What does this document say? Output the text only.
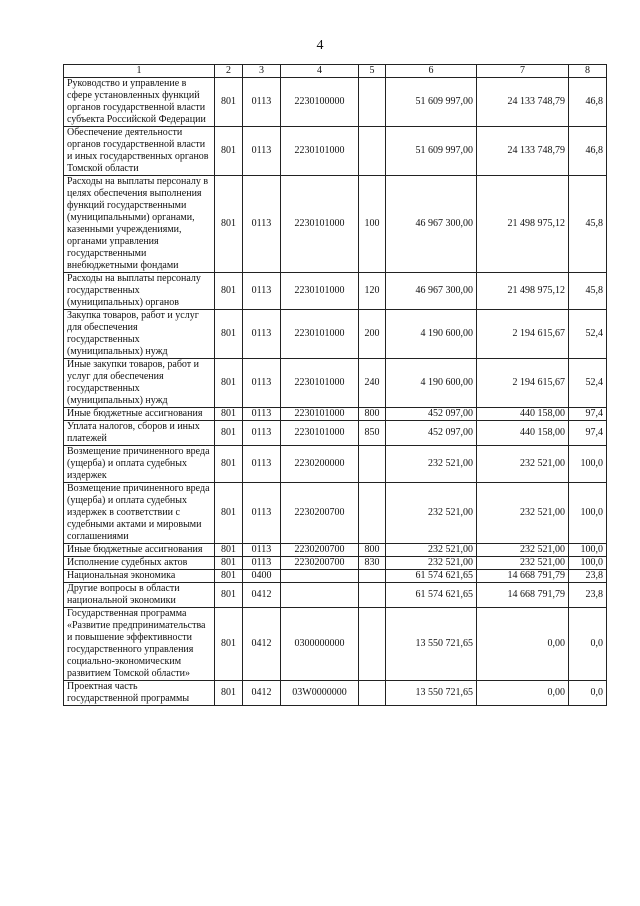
4
1	2	3	4	5	6	7	8
Руководство и управление в сфере установленных функций органов государственной власти субъекта Российской Федерации	801	0113	2230100000		51 609 997,00	24 133 748,79	46,8
Обеспечение деятельности органов государственной власти и иных государственных органов Томской области	801	0113	2230101000		51 609 997,00	24 133 748,79	46,8
Расходы на выплаты персоналу в целях обеспечения выполнения функций государственными (муниципальными) органами, казенными учреждениями, органами управления государственными внебюджетными фондами	801	0113	2230101000	100	46 967 300,00	21 498 975,12	45,8
Расходы на выплаты персоналу государственных (муниципальных) органов	801	0113	2230101000	120	46 967 300,00	21 498 975,12	45,8
Закупка товаров, работ и услуг для обеспечения государственных (муниципальных) нужд	801	0113	2230101000	200	4 190 600,00	2 194 615,67	52,4
Иные закупки товаров, работ и услуг для обеспечения государственных (муниципальных) нужд	801	0113	2230101000	240	4 190 600,00	2 194 615,67	52,4
Иные бюджетные ассигнования	801	0113	2230101000	800	452 097,00	440 158,00	97,4
Уплата налогов, сборов и иных платежей	801	0113	2230101000	850	452 097,00	440 158,00	97,4
Возмещение причиненного вреда (ущерба) и оплата судебных издержек	801	0113	2230200000		232 521,00	232 521,00	100,0
Возмещение причиненного вреда (ущерба) и оплата судебных издержек в соответствии с судебными актами и мировыми соглашениями	801	0113	2230200700		232 521,00	232 521,00	100,0
Иные бюджетные ассигнования	801	0113	2230200700	800	232 521,00	232 521,00	100,0
Исполнение судебных актов	801	0113	2230200700	830	232 521,00	232 521,00	100,0
Национальная экономика	801	0400			61 574 621,65	14 668 791,79	23,8
Другие вопросы в области национальной экономики	801	0412			61 574 621,65	14 668 791,79	23,8
Государственная программа «Развитие предпринимательства и повышение эффективности государственного управления социально-экономическим развитием Томской области»	801	0412	0300000000		13 550 721,65	0,00	0,0
Проектная часть государственной программы	801	0412	03W0000000		13 550 721,65	0,00	0,0
